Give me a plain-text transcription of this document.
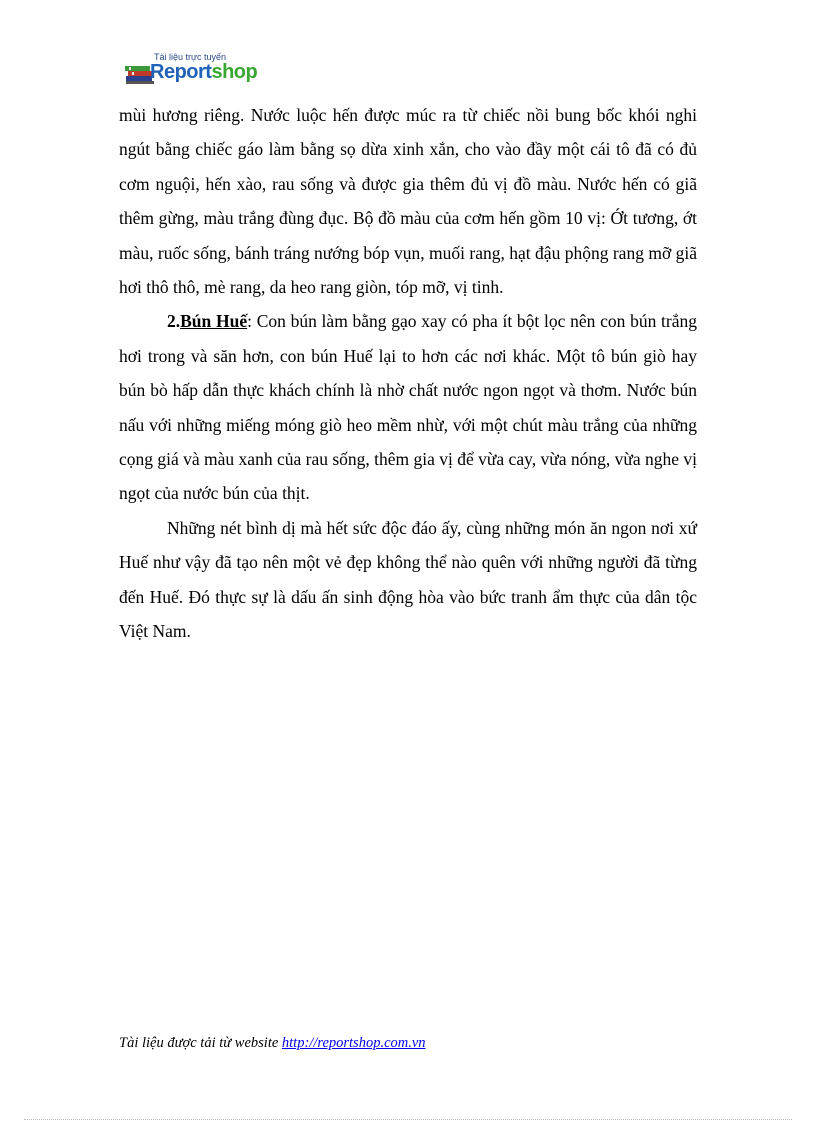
Tài liệu trực tuyến
Reportshop

mùi hương riêng. Nước luộc hến được múc ra từ chiếc nồi bung bốc khói nghi ngút bằng chiếc gáo làm bằng sọ dừa xinh xắn, cho vào đầy một cái tô đã có đủ cơm nguội, hến xào, rau sống và được gia thêm đủ vị đồ màu. Nước hến có giã thêm gừng, màu trắng đùng đục. Bộ đồ màu của cơm hến gồm 10 vị: Ớt tương, ớt màu, ruốc sống, bánh tráng nướng bóp vụn, muối rang, hạt đậu phộng rang mỡ giã hơi thô thô, mè rang, da heo rang giòn, tóp mỡ, vị tinh.

2.Bún Huế: Con bún làm bằng gạo xay có pha ít bột lọc nên con bún trắng hơi trong và săn hơn, con bún Huế lại to hơn các nơi khác. Một tô bún giò hay bún bò hấp dẫn thực khách chính là nhờ chất nước ngon ngọt và thơm. Nước bún nấu với những miếng móng giò heo mềm nhừ, với một chút màu trắng của những cọng giá và màu xanh của rau sống, thêm gia vị để vừa cay, vừa nóng, vừa nghe vị ngọt của nước bún của thịt.

Những nét bình dị mà hết sức độc đáo ấy, cùng những món ăn ngon nơi xứ Huế như vậy đã tạo nên một vẻ đẹp không thể nào quên với những người đã từng đến Huế. Đó thực sự là dấu ấn sinh động hòa vào bức tranh ẩm thực của dân tộc Việt Nam.

Tài liệu được tải từ website http://reportshop.com.vn
